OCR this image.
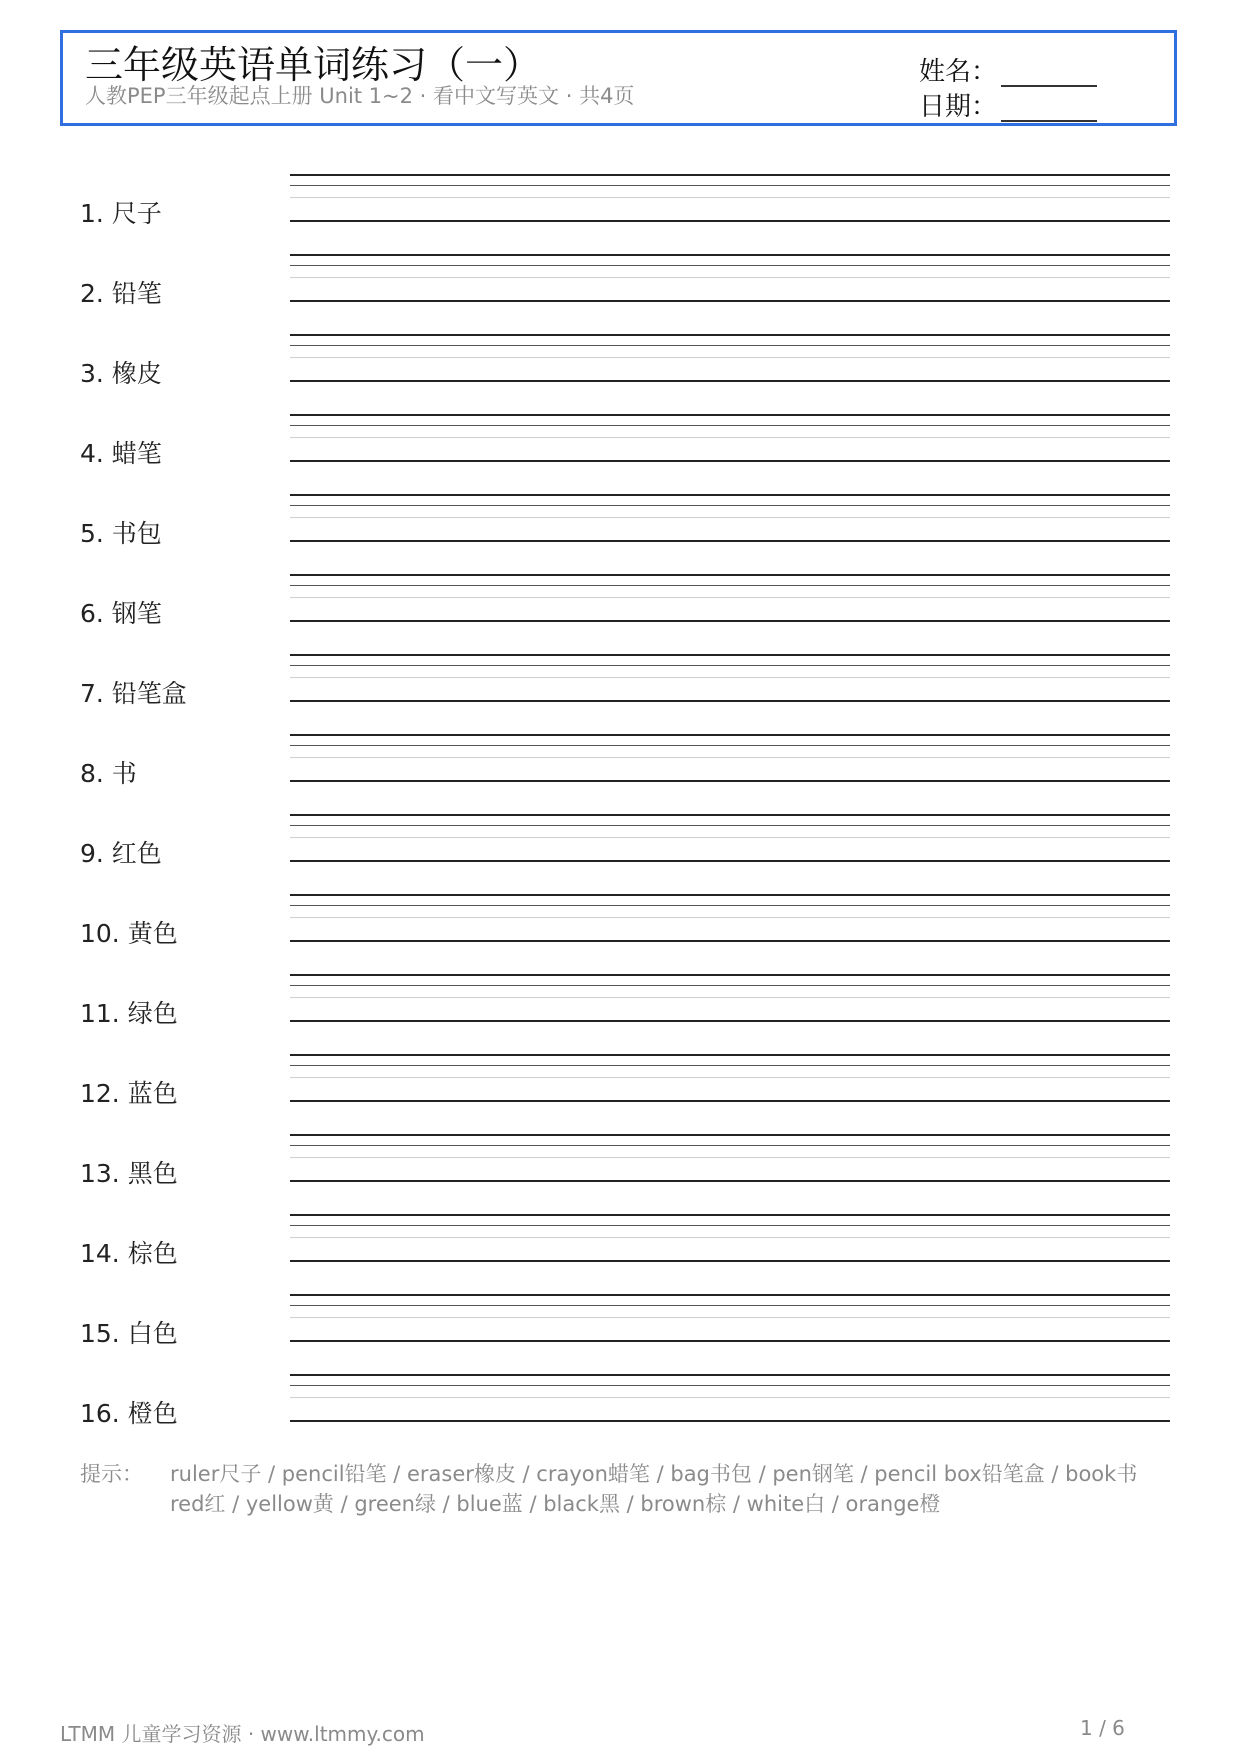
三年级英语单词练习（一）
人教PEP三年级起点上册 Unit 1~2 · 看中文写英文 · 共4页
姓名：
日期：
1. 尺子
2. 铅笔
3. 橡皮
4. 蜡笔
5. 书包
6. 钢笔
7. 铅笔盒
8. 书
9. 红色
10. 黄色
11. 绿色
12. 蓝色
13. 黑色
14. 棕色
15. 白色
16. 橙色
提示： ruler尺子 / pencil铅笔 / eraser橡皮 / crayon蜡笔 / bag书包 / pen钢笔 / pencil box铅笔盒 / book书
red红 / yellow黄 / green绿 / blue蓝 / black黑 / brown棕 / white白 / orange橙
LTMM 儿童学习资源 · www.ltmmy.com	1 / 6
